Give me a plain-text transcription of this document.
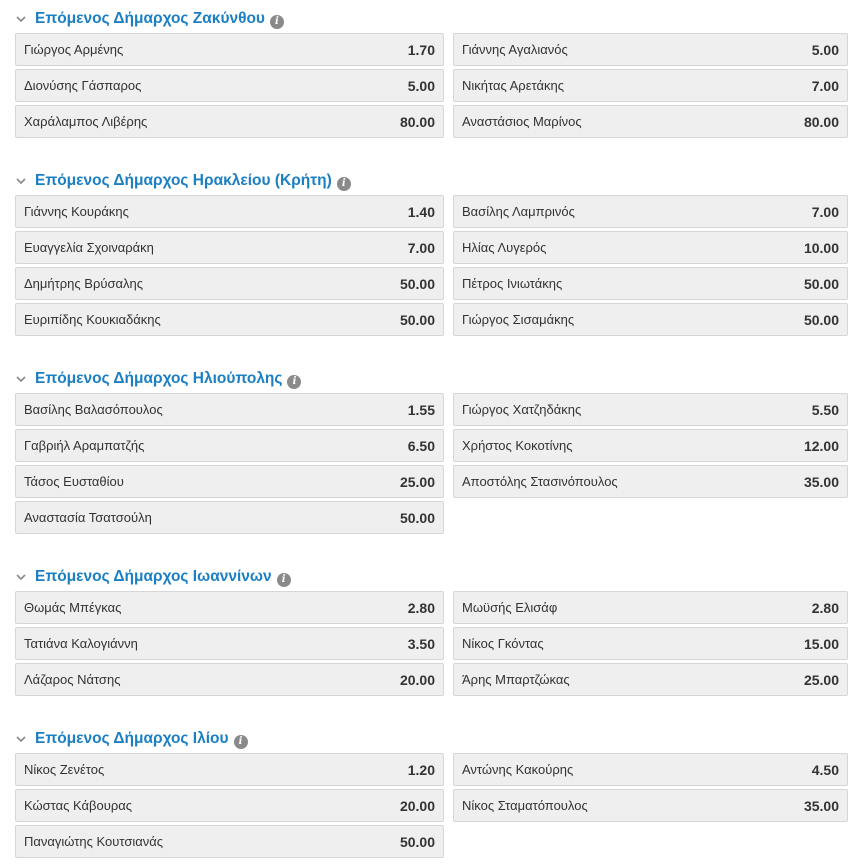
Επόμενος Δήμαρχος Ζακύνθου i
Γιώργος Αρμένης	1.70 Γιάννης Αγαλιανός	5.00
Διονύσης Γάσπαρος	5.00 Νικήτας Αρετάκης	7.00
Χαράλαμπος Λιβέρης	80.00 Αναστάσιος Μαρίνος	80.00
Επόμενος Δήμαρχος Ηρακλείου (Κρήτη) i
Γιάννης Κουράκης	1.40 Βασίλης Λαμπρινός	7.00
Ευαγγελία Σχοιναράκη	7.00 Ηλίας Λυγερός	10.00
Δημήτρης Βρύσαλης	50.00 Πέτρος Ινιωτάκης	50.00
Ευριπίδης Κουκιαδάκης	50.00 Γιώργος Σισαμάκης	50.00
Επόμενος Δήμαρχος Ηλιούπολης i
Βασίλης Βαλασόπουλος	1.55 Γιώργος Χατζηδάκης	5.50
Γαβριήλ Αραμπατζής	6.50 Χρήστος Κοκοτίνης	12.00
Τάσος Ευσταθίου	25.00 Αποστόλης Στασινόπουλος	35.00
Αναστασία Τσατσούλη	50.00
Επόμενος Δήμαρχος Ιωαννίνων i
Θωμάς Μπέγκας	2.80 Μωϋσής Ελισάφ	2.80
Τατιάνα Καλογιάννη	3.50 Νίκος Γκόντας	15.00
Λάζαρος Νάτσης	20.00 Άρης Μπαρτζώκας	25.00
Επόμενος Δήμαρχος Ιλίου i
Νίκος Ζενέτος	1.20 Αντώνης Κακούρης	4.50
Κώστας Κάβουρας	20.00 Νίκος Σταματόπουλος	35.00
Παναγιώτης Κουτσιανάς	50.00
